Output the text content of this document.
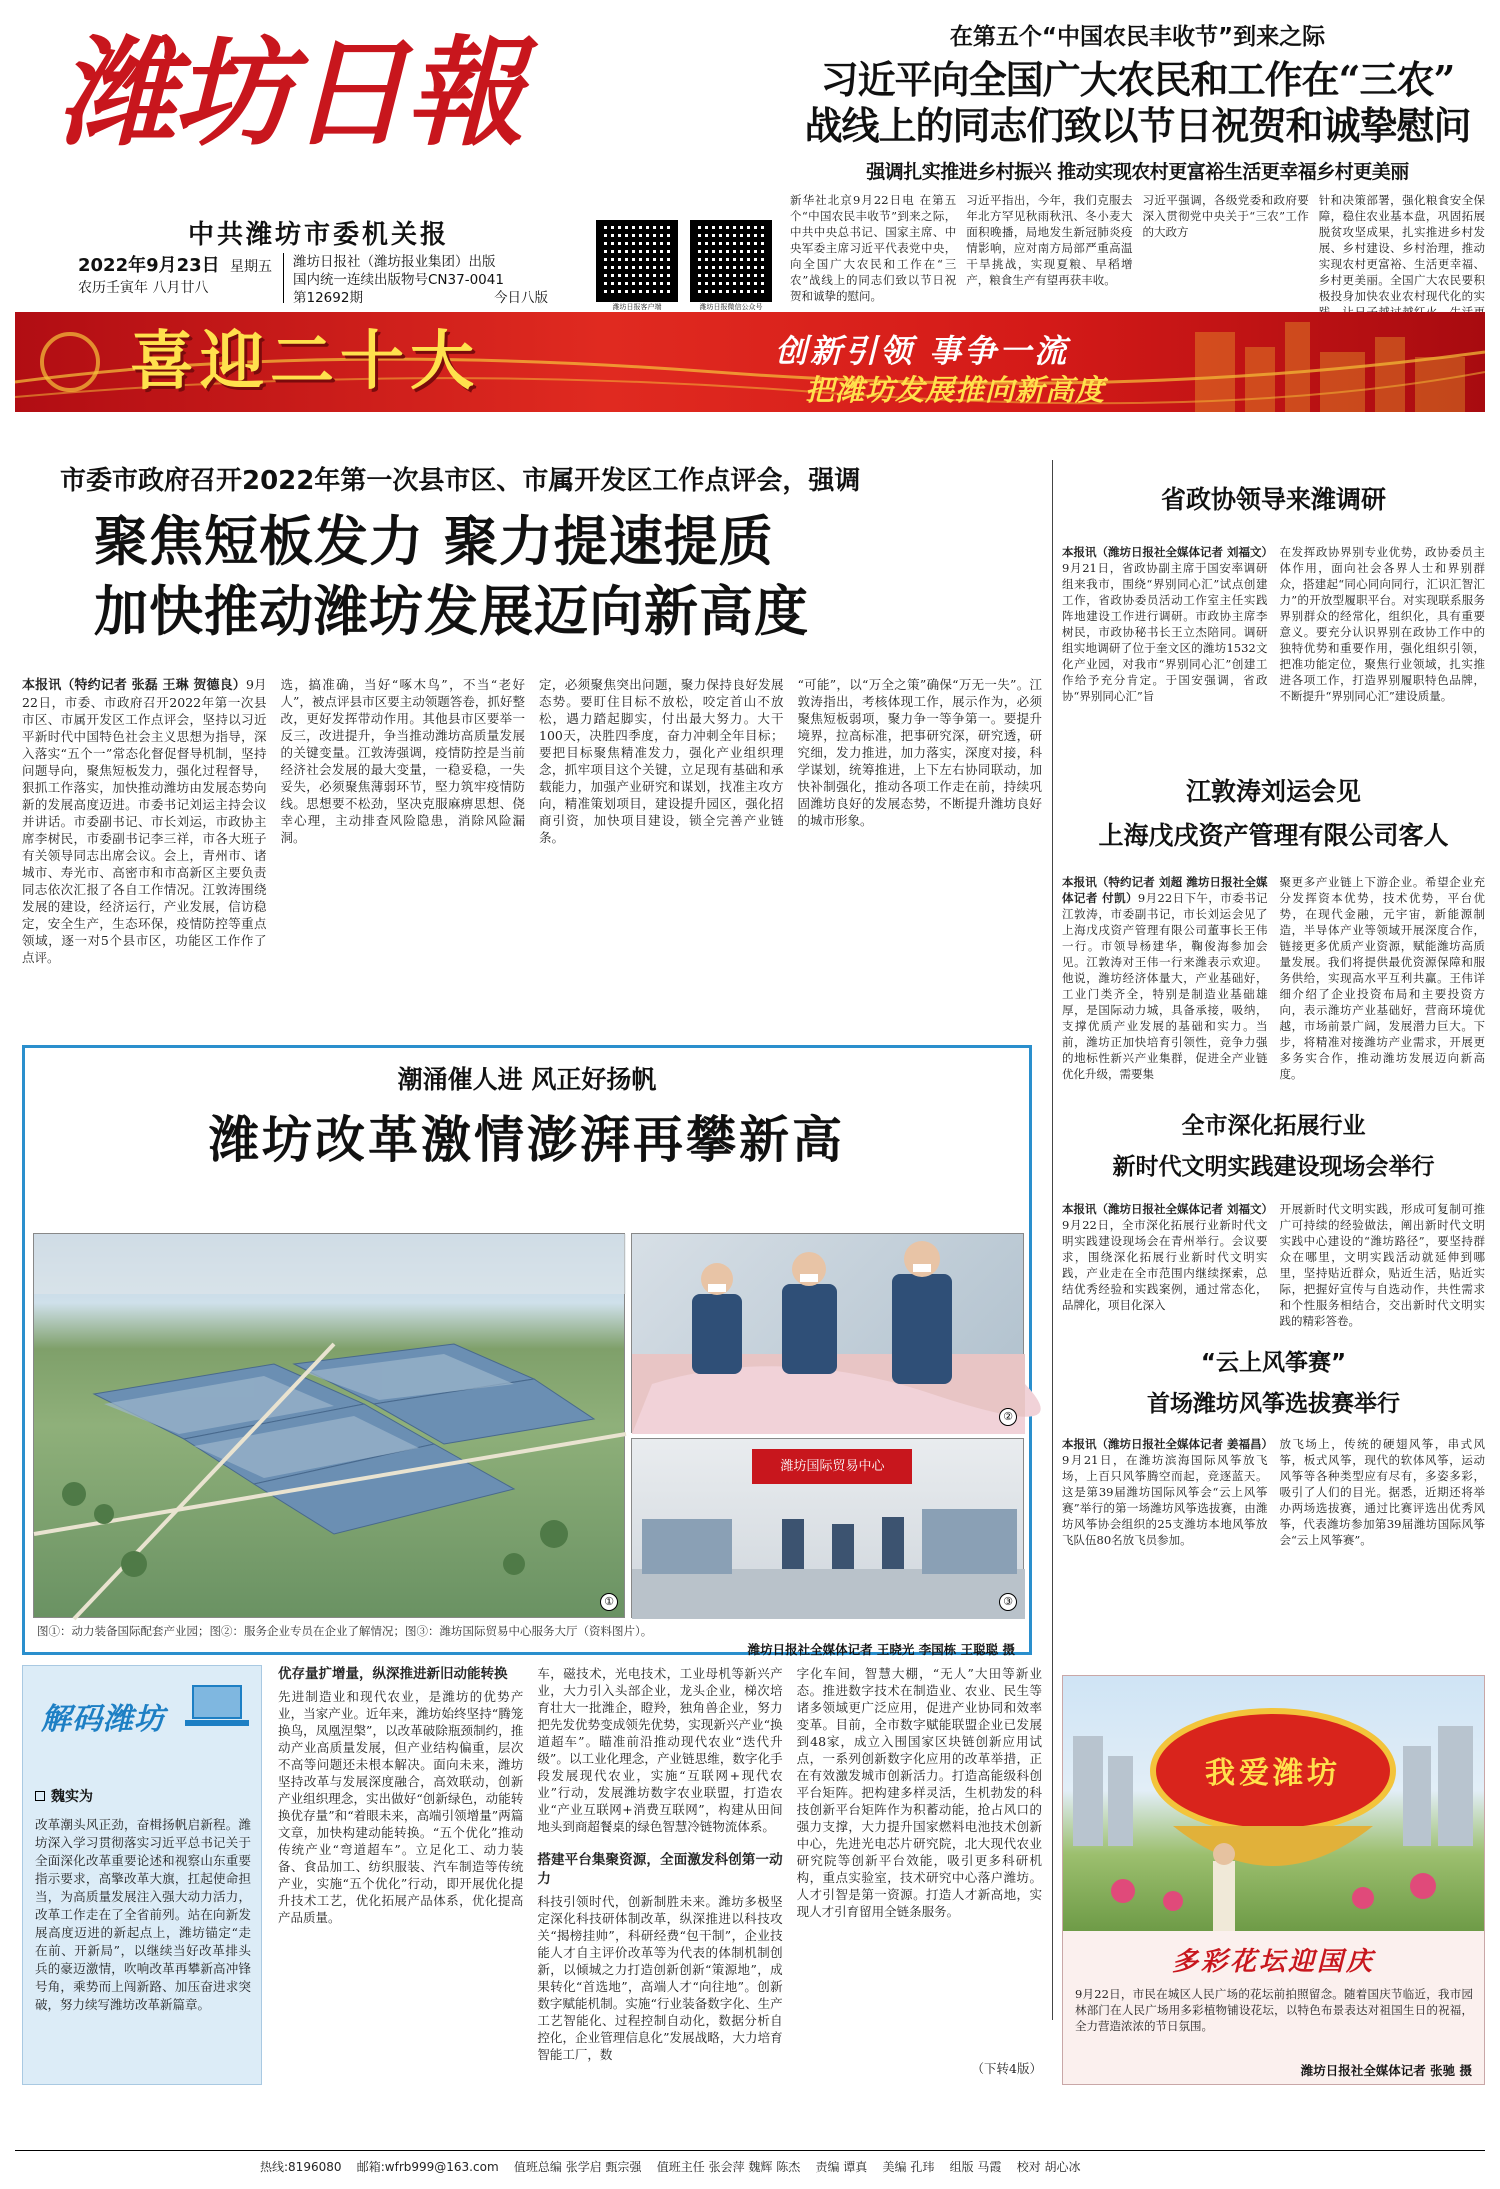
潍坊日報
中共潍坊市委机关报
2022年9月23日 星期五
农历壬寅年 八月廿八
潍坊日报社（潍坊报业集团）出版
国内统一连续出版物号CN37-0041
第12692期	今日八版
潍坊日报客户端	潍坊日报微信公众号
在第五个“中国农民丰收节”到来之际
习近平向全国广大农民和工作在“三农”
战线上的同志们致以节日祝贺和诚挚慰问
强调扎实推进乡村振兴 推动实现农村更富裕生活更幸福乡村更美丽
新华社北京9月22日电 在第五个“中国农民丰收节”到来之际，中共中央总书记、国家主席、中央军委主席习近平代表党中央，向全国广大农民和工作在“三农”战线上的同志们致以节日祝贺和诚挚的慰问。
习近平指出，今年，我们克服去年北方罕见秋雨秋汛、冬小麦大面积晚播，局地发生新冠肺炎疫情影响，应对南方局部严重高温干旱挑战，实现夏粮、早稻增产，粮食生产有望再获丰收。
习近平强调，各级党委和政府要深入贯彻党中央关于“三农”工作的大政方
针和决策部署，强化粮食安全保障，稳住农业基本盘，巩固拓展脱贫攻坚成果，扎实推进乡村发展、乡村建设、乡村治理，推动实现农村更富裕、生活更幸福、乡村更美丽。全国广大农民要积极投身加快农业农村现代化的实
喜迎二十大	创新引领 事争一流
把潍坊发展推向新高度
市委市政府召开2022年第一次县市区、市属开发区工作点评会，强调
聚焦短板发力 聚力提速提质
加快推动潍坊发展迈向新高度
本报讯（特约记者 张磊 王琳 贺德良）9月22日，市委、市政府召开2022年第一次县市区、市属开发区工作点评会，坚持以习近平新时代中国特色社会主义思想为指导，深入落实“五个一”常态化督促督导机制，坚持问题导向，聚焦短板发力，强化过程督导，狠抓工作落实，加快推动潍坊由发展态势向新的发展高度迈进。市委书记刘运主持会议并讲话。市委副书记、市长刘运，市政协主席李树民，市委副书记李三祥，市各大班子有关领导同志出席会议。会上，青州市、诸城市、寿光市、高密市和市高新区主要负责同志依次汇报了各自工作情况。江敦涛围绕发展的建设，经济运行，产业发展，信访稳定，安全生产，生态环保，疫情防控等重点领域，逐一对5个县市区，功能区工作作了点评。
选，搞准确，当好“啄木鸟”，不当“老好人”，被点评县市区要主动领题答卷，抓好整改，更好发挥带动作用。其他县市区要举一反三，改进提升，争当推动潍坊高质量发展的关键变量。江敦涛强调，疫情防控是当前经济社会发展的最大变量，一稳妥稳，一失妥失，必须聚焦薄弱环节，堅力筑牢疫情防线。思想要不松劲，坚决克服麻痹思想、侥幸心理，主动排查风险隐患，消除风险漏洞。
定，必须聚焦突出问题，聚力保持良好发展态势。要盯住目标不放松，咬定首山不放松，遇力踏起脚实，付出最大努力。大干100天，决胜四季度，奋力冲刺全年目标；要把目标聚焦精准发力，强化产业组织理念，抓牢项目这个关键，立足现有基础和承载能力，加强产业研究和谋划，找准主攻方向，精准策划项目，建设提升园区，强化招商引资，加快项目建设，锁全完善产业链条。
“可能”，以“万全之策”确保“万无一失”。江敦涛指出，考核体现工作，展示作为，必须聚焦短板弱项，聚力争一等争第一。要提升境界，拉高标准，把事研究深，研究透，研究细，发力推进，加力落实，深度对接，科学谋划，统筹推进，上下左右协同联动，加快补制强化，推动各项工作走在前，持续巩固潍坊良好的发展态势，不断提升潍坊良好的城市形象。
潮涌催人进 风正好扬帆
潍坊改革激情澎湃再攀新高
①
②
潍坊国际贸易中心
③
图①：动力装备国际配套产业园；图②：服务企业专员在企业了解情况；图③：潍坊国际贸易中心服务大厅（资料图片）。
潍坊日报社全媒体记者 王晓光 李国栋 王聪聪 摄
解码潍坊
魏实为
改革潮头风正劲，奋楫扬帆启新程。潍坊深入学习贯彻落实习近平总书记关于全面深化改革重要论述和视察山东重要指示要求，高擎改革大旗，扛起使命担当，为高质量发展注入强大动力活力，改革工作走在了全省前列。站在向新发展高度迈进的新起点上，潍坊锚定“走在前、开新局”，以继续当好改革排头兵的豪迈激情，吹响改革再攀新高冲锋号角，乘势而上闯新路、加压奋进求突破，努力续写潍坊改革新篇章。
优存量扩增量，纵深推进新旧动能转换
先进制造业和现代农业，是潍坊的优势产业，当家产业。近年来，潍坊始终坚持“腾笼换鸟，凤凰涅槃”，以改革破除瓶颈制约，推动产业高质量发展，但产业结构偏重，层次不高等问题还未根本解决。面向未来，潍坊坚持改革与发展深度融合，高效联动，创新产业组织理念，实出做好“创新绿色，动能转换优存量”和“着眼未来，高端引领增量”两篇文章，加快构建动能转换。“五个优化”推动传统产业“弯道超车”。立足化工、动力装备、食品加工、纺织服装、汽车制造等传统产业，实施“五个优化”行动，即开展优化提升技术工艺，优化拓展产品体系，优化提高产品质量。
车，磁技术，光电技术，工业母机等新兴产业，大力引入头部企业，龙头企业，梯次培育壮大一批潍企，瞪羚，独角兽企业，努力把先发优势变成领先优势，实现新兴产业“换道超车”。瞄准前沿推动现代农业“迭代升级”。以工业化理念，产业链思维，数字化手段发展现代农业，实施“互联网+现代农业”行动，发展潍坊数字农业联盟，打造农业“产业互联网+消费互联网”，构建从田间地头到商超餐桌的绿色智慧冷链物流体系。
搭建平台集聚资源，全面激发科创第一动力
科技引领时代，创新制胜未来。潍坊多极坚定深化科技研体制改革，纵深推进以科技攻关“揭榜挂帅”，科研经费“包干制”，企业技能人才自主评价改革等为代表的体制机制创新，以倾城之力打造创新创新“策源地”，成果转化“首选地”，高端人才“向往地”。创新数字赋能机制。实施“行业装备数字化、生产工艺智能化、过程控制自动化，数据分析自控化，企业管理信息化”发展战略，大力培育智能工厂，数
字化车间，智慧大棚，“无人”大田等新业态。推进数字技术在制造业、农业、民生等诸多领域更广泛应用，促进产业协同和效率变革。目前，全市数字赋能联盟企业已发展到48家，成立入围国家区块链创新应用试点，一系列创新数字化应用的改革举措，正在有效激发城市创新活力。打造高能级科创平台矩阵。把构建多样灵活，生机勃发的科技创新平台矩阵作为积蓄动能，抢占风口的强力支撑，大力提升国家燃料电池技术创新中心，先进光电芯片研究院，北大现代农业研究院等创新平台效能，吸引更多科研机构，重点实验室，技术研究中心落户潍坊。人才引智是第一资源。打造人才新高地，实现人才引育留用全链条服务。
（下转4版）
省政协领导来潍调研
本报讯（潍坊日报社全媒体记者 刘福文）9月21日，省政协副主席于国安率调研组来我市，围绕“界别同心汇”试点创建工作，省政协委员活动工作室主任实践阵地建设工作进行调研。市政协主席李树民，市政协秘书长王立杰陪同。调研组实地调研了位于奎文区的潍坊1532文化产业园，对我市“界别同心汇”创建工作给予充分肯定。于国安强调，省政协“界别同心汇”旨
在发挥政协界别专业优势，政协委员主体作用，面向社会各界人士和界别群众，搭建起“同心同向同行，汇识汇智汇力”的开放型履职平台。对实现联系服务界别群众的经常化，组织化，具有重要意义。要充分认识界别在政协工作中的独特优势和重要作用，强化组织引领，把准功能定位，聚焦行业领域，扎实推进各项工作，打造界别履职特色品牌，不断提升“界别同心汇”建设质量。
江敦涛刘运会见
上海戊戌资产管理有限公司客人
本报讯（特约记者 刘超 潍坊日报社全媒体记者 付凯）9月22日下午，市委书记江敦涛，市委副书记，市长刘运会见了上海戊戌资产管理有限公司董事长王伟一行。市领导杨建华，鞠俊海参加会见。江敦涛对王伟一行来潍表示欢迎。他说，潍坊经济体量大，产业基础好，工业门类齐全，特别是制造业基础雄厚，是国际动力城，具备承接，吸纳，支撑优质产业发展的基础和实力。当前，潍坊正加快培育引领性，竞争力强的地标性新兴产业集群，促进全产业链优化升级，需要集
聚更多产业链上下游企业。希望企业充分发挥资本优势，技术优势，平台优势，在现代金融，元宇宙，新能源制造，半导体产业等领域开展深度合作，链接更多优质产业资源，赋能潍坊高质量发展。我们将提供最优资源保障和服务供给，实现高水平互利共赢。王伟详细介绍了企业投资布局和主要投资方向，表示潍坊产业基础好，营商环境优越，市场前景广阔，发展潜力巨大。下步，将精准对接潍坊产业需求，开展更多务实合作，推动潍坊发展迈向新高度。
全市深化拓展行业
新时代文明实践建设现场会举行
本报讯（潍坊日报社全媒体记者 刘福文）9月22日，全市深化拓展行业新时代文明实践建设现场会在青州举行。会议要求，围绕深化拓展行业新时代文明实践，产业走在全市范围内继续探索，总结优秀经验和实践案例，通过常态化，品牌化，项目化深入
开展新时代文明实践，形成可复制可推广可持续的经验做法，阐出新时代文明实践中心建设的“潍坊路径”，要坚持群众在哪里，文明实践活动就延伸到哪里，坚持贴近群众，贴近生活，贴近实际，把握好宣传与自选动作，共性需求和个性服务相结合，交出新时代文明实践的精彩答卷。
“云上风筝赛”
首场潍坊风筝选拔赛举行
本报讯（潍坊日报社全媒体记者 姜福昌）9月21日，在潍坊滨海国际风筝放飞场，上百只风筝腾空而起，竞逐蓝天。这是第39届潍坊国际风筝会“云上风筝赛”举行的第一场潍坊风筝选拔赛，由潍坊风筝协会组织的25支潍坊本地风筝放飞队伍80名放飞员参加。
放飞场上，传统的硬翅风筝，串式风筝，板式风筝，现代的软体风筝，运动风筝等各种类型应有尽有，多姿多彩，吸引了人们的目光。据悉，近期还将举办两场选拔赛，通过比赛评选出优秀风筝，代表潍坊参加第39届潍坊国际风筝会“云上风筝赛”。
我爱潍坊
多彩花坛迎国庆
9月22日，市民在城区人民广场的花坛前拍照留念。随着国庆节临近，我市园林部门在人民广场用多彩植物铺设花坛，以特色布景表达对祖国生日的祝福，全力营造浓浓的节日氛围。
潍坊日报社全媒体记者 张驰 摄
热线:8196080    邮箱:wfrb999@163.com    值班总编 张学启 甄宗强    值班主任 张会萍 魏辉 陈杰    责编 谭真    美编 孔玮    组版 马霞    校对 胡心冰
